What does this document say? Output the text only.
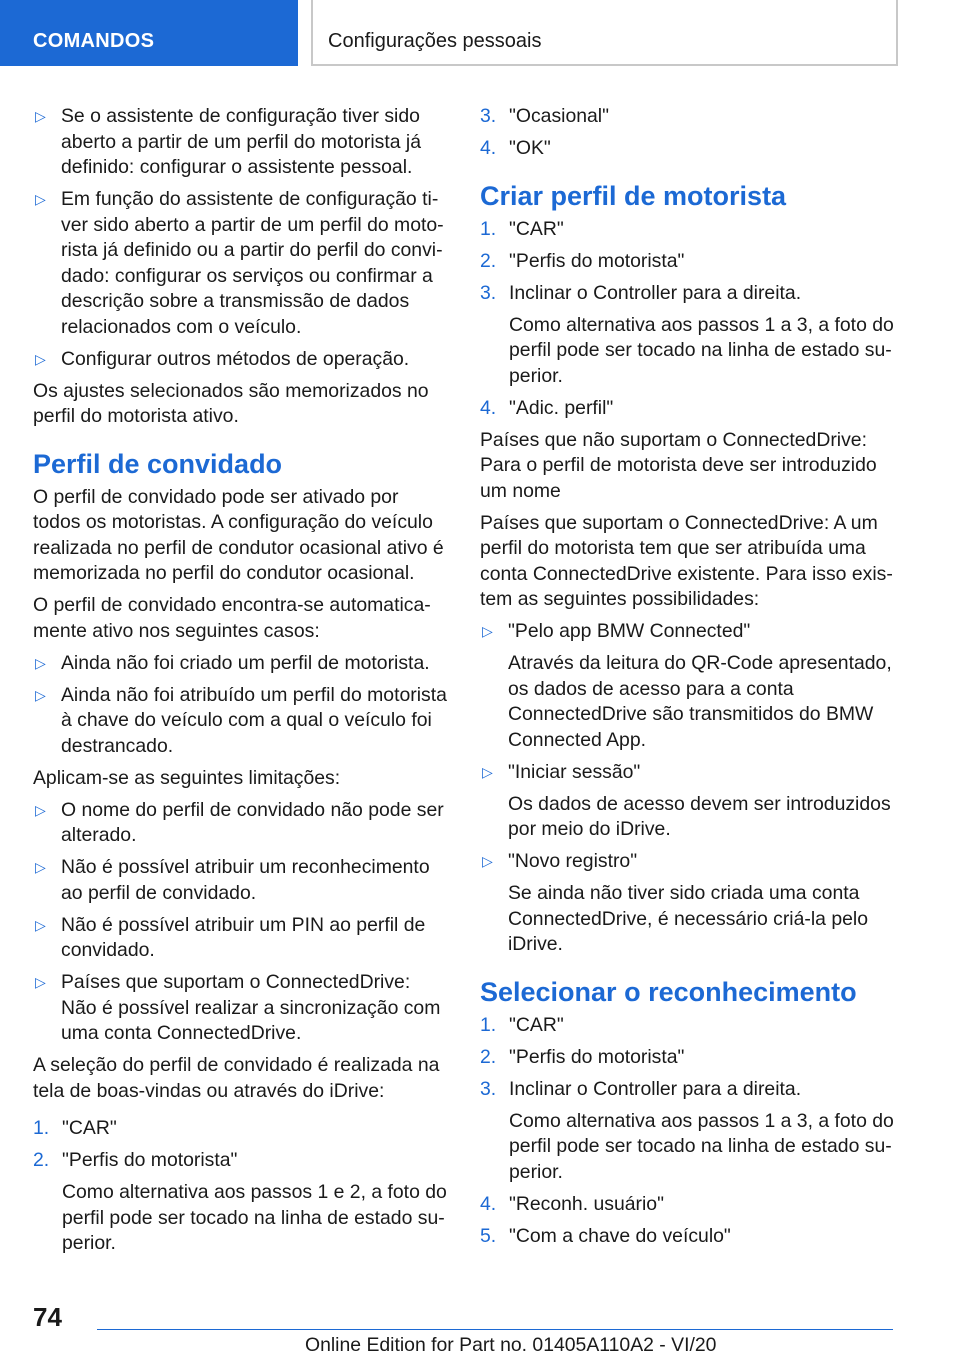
COMANDOS	Configurações pessoais
▷ Se o assistente de configuração tiver sido aberto a partir de um perfil do motorista já definido: configurar o assistente pessoal.
▷ Em função do assistente de configuração tiver sido aberto a partir de um perfil do motorista já definido ou a partir do perfil do convidado: configurar os serviços ou confirmar a descrição sobre a transmissão de dados relacionados com o veículo.
▷ Configurar outros métodos de operação.

Os ajustes selecionados são memorizados no perfil do motorista ativo.

Perfil de convidado

O perfil de convidado pode ser ativado por todos os motoristas. A configuração do veículo realizada no perfil de condutor ocasional ativo é memorizada no perfil do condutor ocasional.

O perfil de convidado encontra-se automaticamente ativo nos seguintes casos:

▷ Ainda não foi criado um perfil de motorista.
▷ Ainda não foi atribuído um perfil do motorista à chave do veículo com a qual o veículo foi destrancado.

Aplicam-se as seguintes limitações:

▷ O nome do perfil de convidado não pode ser alterado.
▷ Não é possível atribuir um reconhecimento ao perfil de convidado.
▷ Não é possível atribuir um PIN ao perfil de convidado.
▷ Países que suportam o ConnectedDrive: Não é possível realizar a sincronização com uma conta ConnectedDrive.

A seleção do perfil de convidado é realizada na tela de boas-vindas ou através do iDrive:

1. "CAR"
2. "Perfis do motorista"
Como alternativa aos passos 1 e 2, a foto do perfil pode ser tocado na linha de estado superior.
3. "Ocasional"
4. "OK"
Criar perfil de motorista
1. "CAR"
2. "Perfis do motorista"
3. Inclinar o Controller para a direita.
Como alternativa aos passos 1 a 3, a foto do perfil pode ser tocado na linha de estado superior.
4. "Adic. perfil"

Países que não suportam o ConnectedDrive: Para o perfil de motorista deve ser introduzido um nome

Países que suportam o ConnectedDrive: A um perfil do motorista tem que ser atribuída uma conta ConnectedDrive existente. Para isso existem as seguintes possibilidades:

▷ "Pelo app BMW Connected"
Através da leitura do QR-Code apresentado, os dados de acesso para a conta ConnectedDrive são transmitidos do BMW Connected App.
▷ "Iniciar sessão"
Os dados de acesso devem ser introduzidos por meio do iDrive.
▷ "Novo registro"
Se ainda não tiver sido criada uma conta ConnectedDrive, é necessário criá-la pelo iDrive.
Selecionar o reconhecimento
1. "CAR"
2. "Perfis do motorista"
3. Inclinar o Controller para a direita.
Como alternativa aos passos 1 a 3, a foto do perfil pode ser tocado na linha de estado superior.
4. "Reconh. usuário"
5. "Com a chave do veículo"
74
Online Edition for Part no. 01405A110A2 - VI/20
